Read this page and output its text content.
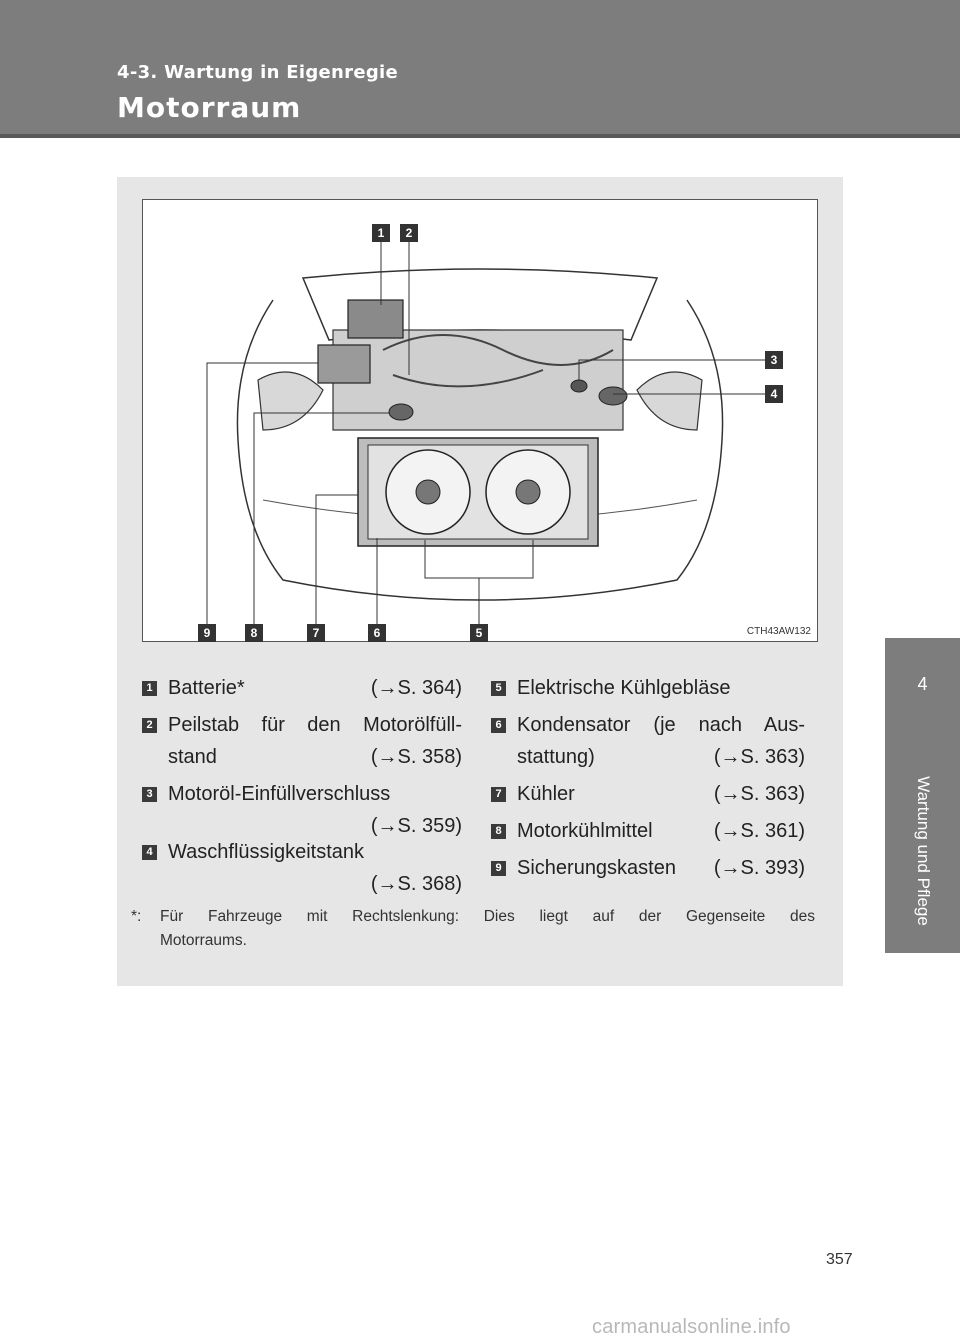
4-3. Wartung in Eigenregie
Motorraum
4
Wartung und Pflege
1	2
3
4
5
6
7
8
9	CTH43AW132
1 Batterie*	(→S. 364)
2 Peilstab für den Motorölfüll-
stand	(→S. 358)
3 Motoröl-Einfüllverschluss
(→S. 359)
4 Waschflüssigkeitstank
(→S. 368)
5 Elektrische Kühlgebläse
6 Kondensator (je nach Aus-
stattung)	(→S. 363)
7 Kühler	(→S. 363)
8 Motorkühlmittel	(→S. 361)
9 Sicherungskasten (→S. 393)
*: Für Fahrzeuge mit Rechtslenkung: Dies liegt auf der Gegenseite des
Motorraums.
357
carmanualsonline.info
